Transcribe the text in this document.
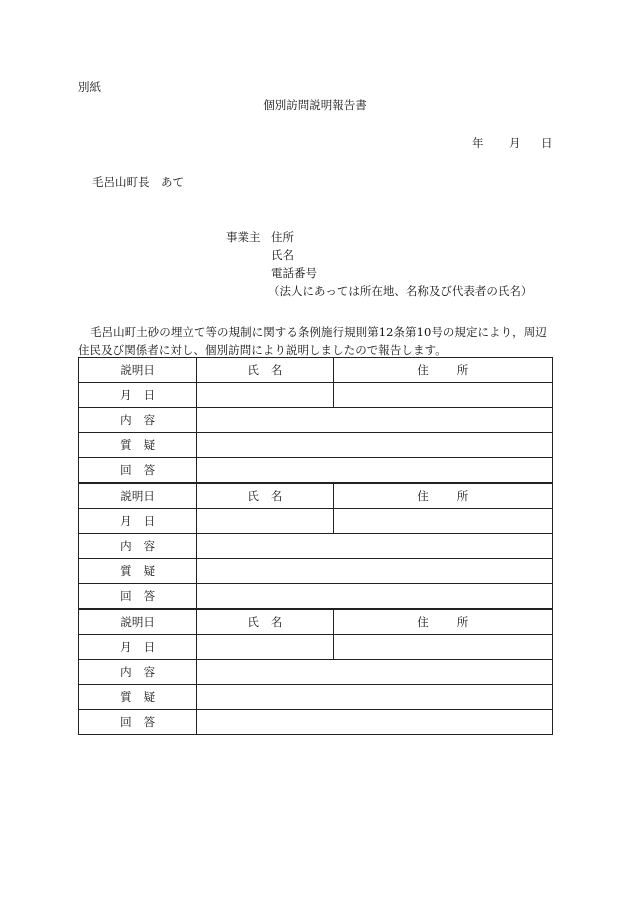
別紙
個別訪問説明報告書
年 月 日
毛呂山町長　あて
事業主 住所
氏名
電話番号
（法人にあっては所在地、名称及び代表者の氏名）
毛呂山町土砂の埋立て等の規制に関する条例施行規則第12条第10号の規定により，周辺住民及び関係者に対し、個別訪問により説明しましたので報告します。
説明日	氏名	住所
月日		
内容		
質疑		
回答		
説明日	氏名	住所
月日		
内容		
質疑		
回答		
説明日	氏名	住所
月日		
内容		
質疑		
回答		
